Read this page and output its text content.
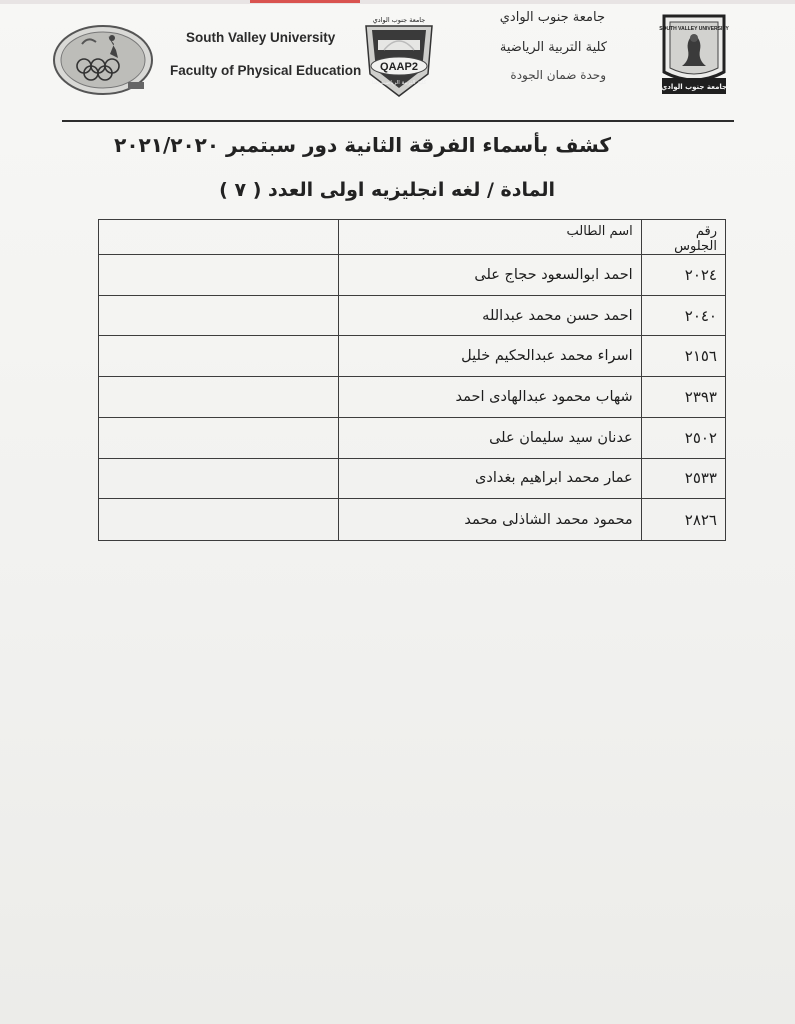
South Valley University
Faculty of Physical Education
جامعة جنوب الوادي
QAAP2
كلية التربية الرياضية بقنا
جامعة جنوب الوادي
كلية التربية الرياضية
وحدة ضمان الجودة
SOUTH VALLEY UNIVERSITY
جامعة جنوب الوادي
كشف بأسماء الفرقة الثانية دور سبتمبر ٢٠٢١/٢٠٢٠
المادة / لغه انجليزيه اولى العدد ( ٧ )
رقم الجلوس	اسم الطالب	
٢٠٢٤	احمد ابوالسعود حجاج على	
٢٠٤٠	احمد حسن محمد عبدالله	
٢١٥٦	اسراء محمد عبدالحكيم خليل	
٢٣٩٣	شهاب محمود عبدالهادى احمد	
٢٥٠٢	عدنان سيد سليمان على	
٢٥٣٣	عمار محمد ابراهيم بغدادى	
٢٨٢٦	محمود محمد الشاذلى محمد	
